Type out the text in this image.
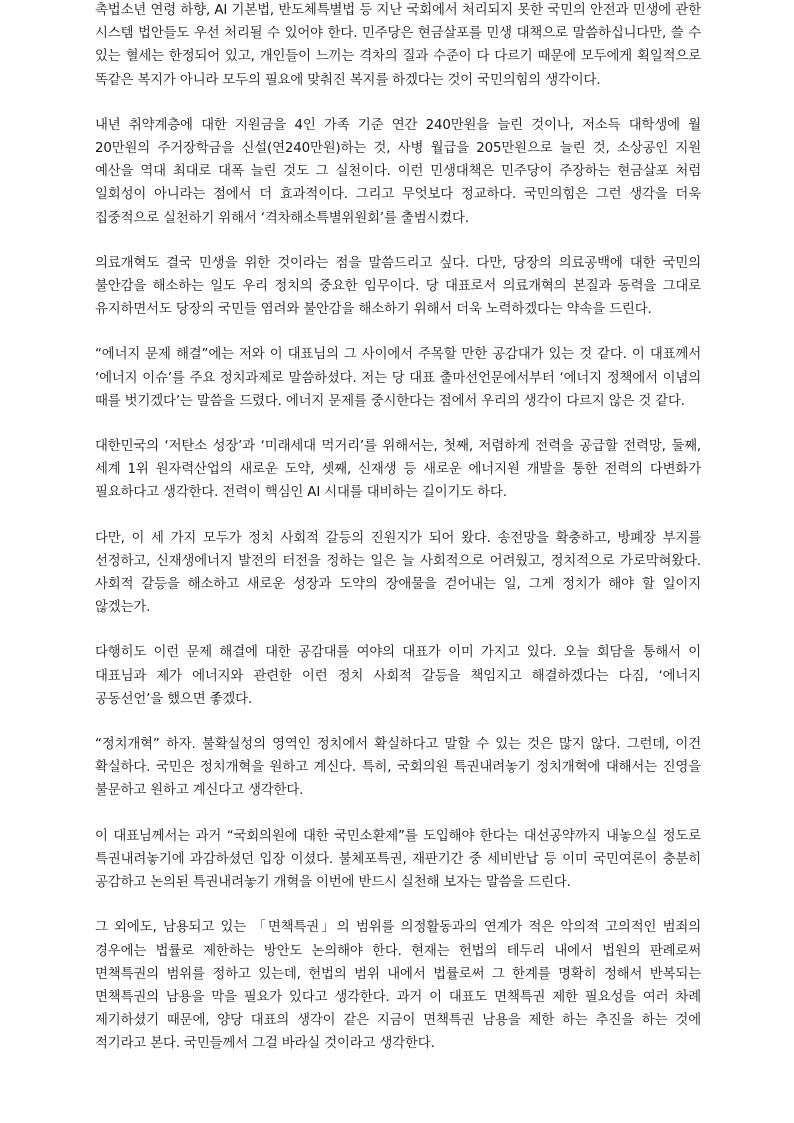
촉법소년 연령 하향, AI 기본법, 반도체특별법 등 지난 국회에서 처리되지 못한 국민의 안전과 민생에 관한 시스템 법안들도 우선 처리될 수 있어야 한다. 민주당은 현금살포를 민생 대책으로 말씀하십니다만, 쓸 수 있는 혈세는 한정되어 있고, 개인들이 느끼는 격차의 질과 수준이 다 다르기 때문에 모두에게 획일적으로 똑같은 복지가 아니라 모두의 필요에 맞춰진 복지를 하겠다는 것이 국민의힘의 생각이다.

내년 취약계층에 대한 지원금을 4인 가족 기준 연간 240만원을 늘린 것이나, 저소득 대학생에 월 20만원의 주거장학금을 신설(연240만원)하는 것, 사병 월급을 205만원으로 늘린 것, 소상공인 지원 예산을 역대 최대로 대폭 늘린 것도 그 실천이다. 이런 민생대책은 민주당이 주장하는 현금살포 처럼 일회성이 아니라는 점에서 더 효과적이다. 그리고 무엇보다 정교하다. 국민의힘은 그런 생각을 더욱 집중적으로 실천하기 위해서 ‘격차해소특별위원회’를 출범시켰다.

의료개혁도 결국 민생을 위한 것이라는 점을 말씀드리고 싶다. 다만, 당장의 의료공백에 대한 국민의 불안감을 해소하는 일도 우리 정치의 중요한 임무이다. 당 대표로서 의료개혁의 본질과 동력을 그대로 유지하면서도 당장의 국민들 염려와 불안감을 해소하기 위해서 더욱 노력하겠다는 약속을 드린다.

“에너지 문제 해결”에는 저와 이 대표님의 그 사이에서 주목할 만한 공감대가 있는 것 같다. 이 대표께서 ‘에너지 이슈’를 주요 정치과제로 말씀하셨다. 저는 당 대표 출마선언문에서부터 ‘에너지 정책에서 이념의 때를 벗기겠다’는 말씀을 드렸다. 에너지 문제를 중시한다는 점에서 우리의 생각이 다르지 않은 것 같다.

대한민국의 ‘저탄소 성장’과 ‘미래세대 먹거리’를 위해서는, 첫째, 저렴하게 전력을 공급할 전력망, 둘째, 세계 1위 원자력산업의 새로운 도약, 셋째, 신재생 등 새로운 에너지원 개발을 통한 전력의 다변화가 필요하다고 생각한다. 전력이 핵심인 AI 시대를 대비하는 길이기도 하다.

다만, 이 세 가지 모두가 정치 사회적 갈등의 진원지가 되어 왔다. 송전망을 확충하고, 방폐장 부지를 선정하고, 신재생에너지 발전의 터전을 정하는 일은 늘 사회적으로 어려웠고, 정치적으로 가로막혀왔다. 사회적 갈등을 해소하고 새로운 성장과 도약의 장애물을 걷어내는 일, 그게 정치가 해야 할 일이지 않겠는가.

다행히도 이런 문제 해결에 대한 공감대를 여야의 대표가 이미 가지고 있다. 오늘 회담을 통해서 이 대표님과 제가 에너지와 관련한 이런 정치 사회적 갈등을 책임지고 해결하겠다는 다짐, ‘에너지 공동선언’을 했으면 좋겠다.

“정치개혁” 하자. 불확실성의 영역인 정치에서 확실하다고 말할 수 있는 것은 많지 않다. 그런데, 이건 확실하다. 국민은 정치개혁을 원하고 계신다. 특히, 국회의원 특권내려놓기 정치개혁에 대해서는 진영을 불문하고 원하고 계신다고 생각한다.

이 대표님께서는 과거 “국회의원에 대한 국민소환제”를 도입해야 한다는 대선공약까지 내놓으실 정도로 특권내려놓기에 과감하셨던 입장 이셨다. 불체포특권, 재판기간 중 세비반납 등 이미 국민여론이 충분히 공감하고 논의된 특권내려놓기 개혁을 이번에 반드시 실천해 보자는 말씀을 드린다.

그 외에도, 남용되고 있는 「면책특권」의 범위를 의정활동과의 연계가 적은 악의적 고의적인 범죄의 경우에는 법률로 제한하는 방안도 논의해야 한다. 현재는 헌법의 테두리 내에서 법원의 판례로써 면책특권의 범위를 정하고 있는데, 헌법의 범위 내에서 법률로써 그 한계를 명확히 정해서 반복되는 면책특권의 남용을 막을 필요가 있다고 생각한다. 과거 이 대표도 면책특권 제한 필요성을 여러 차례 제기하셨기 때문에, 양당 대표의 생각이 같은 지금이 면책특권 남용을 제한 하는 추진을 하는 것에 적기라고 본다. 국민들께서 그걸 바라실 것이라고 생각한다.
